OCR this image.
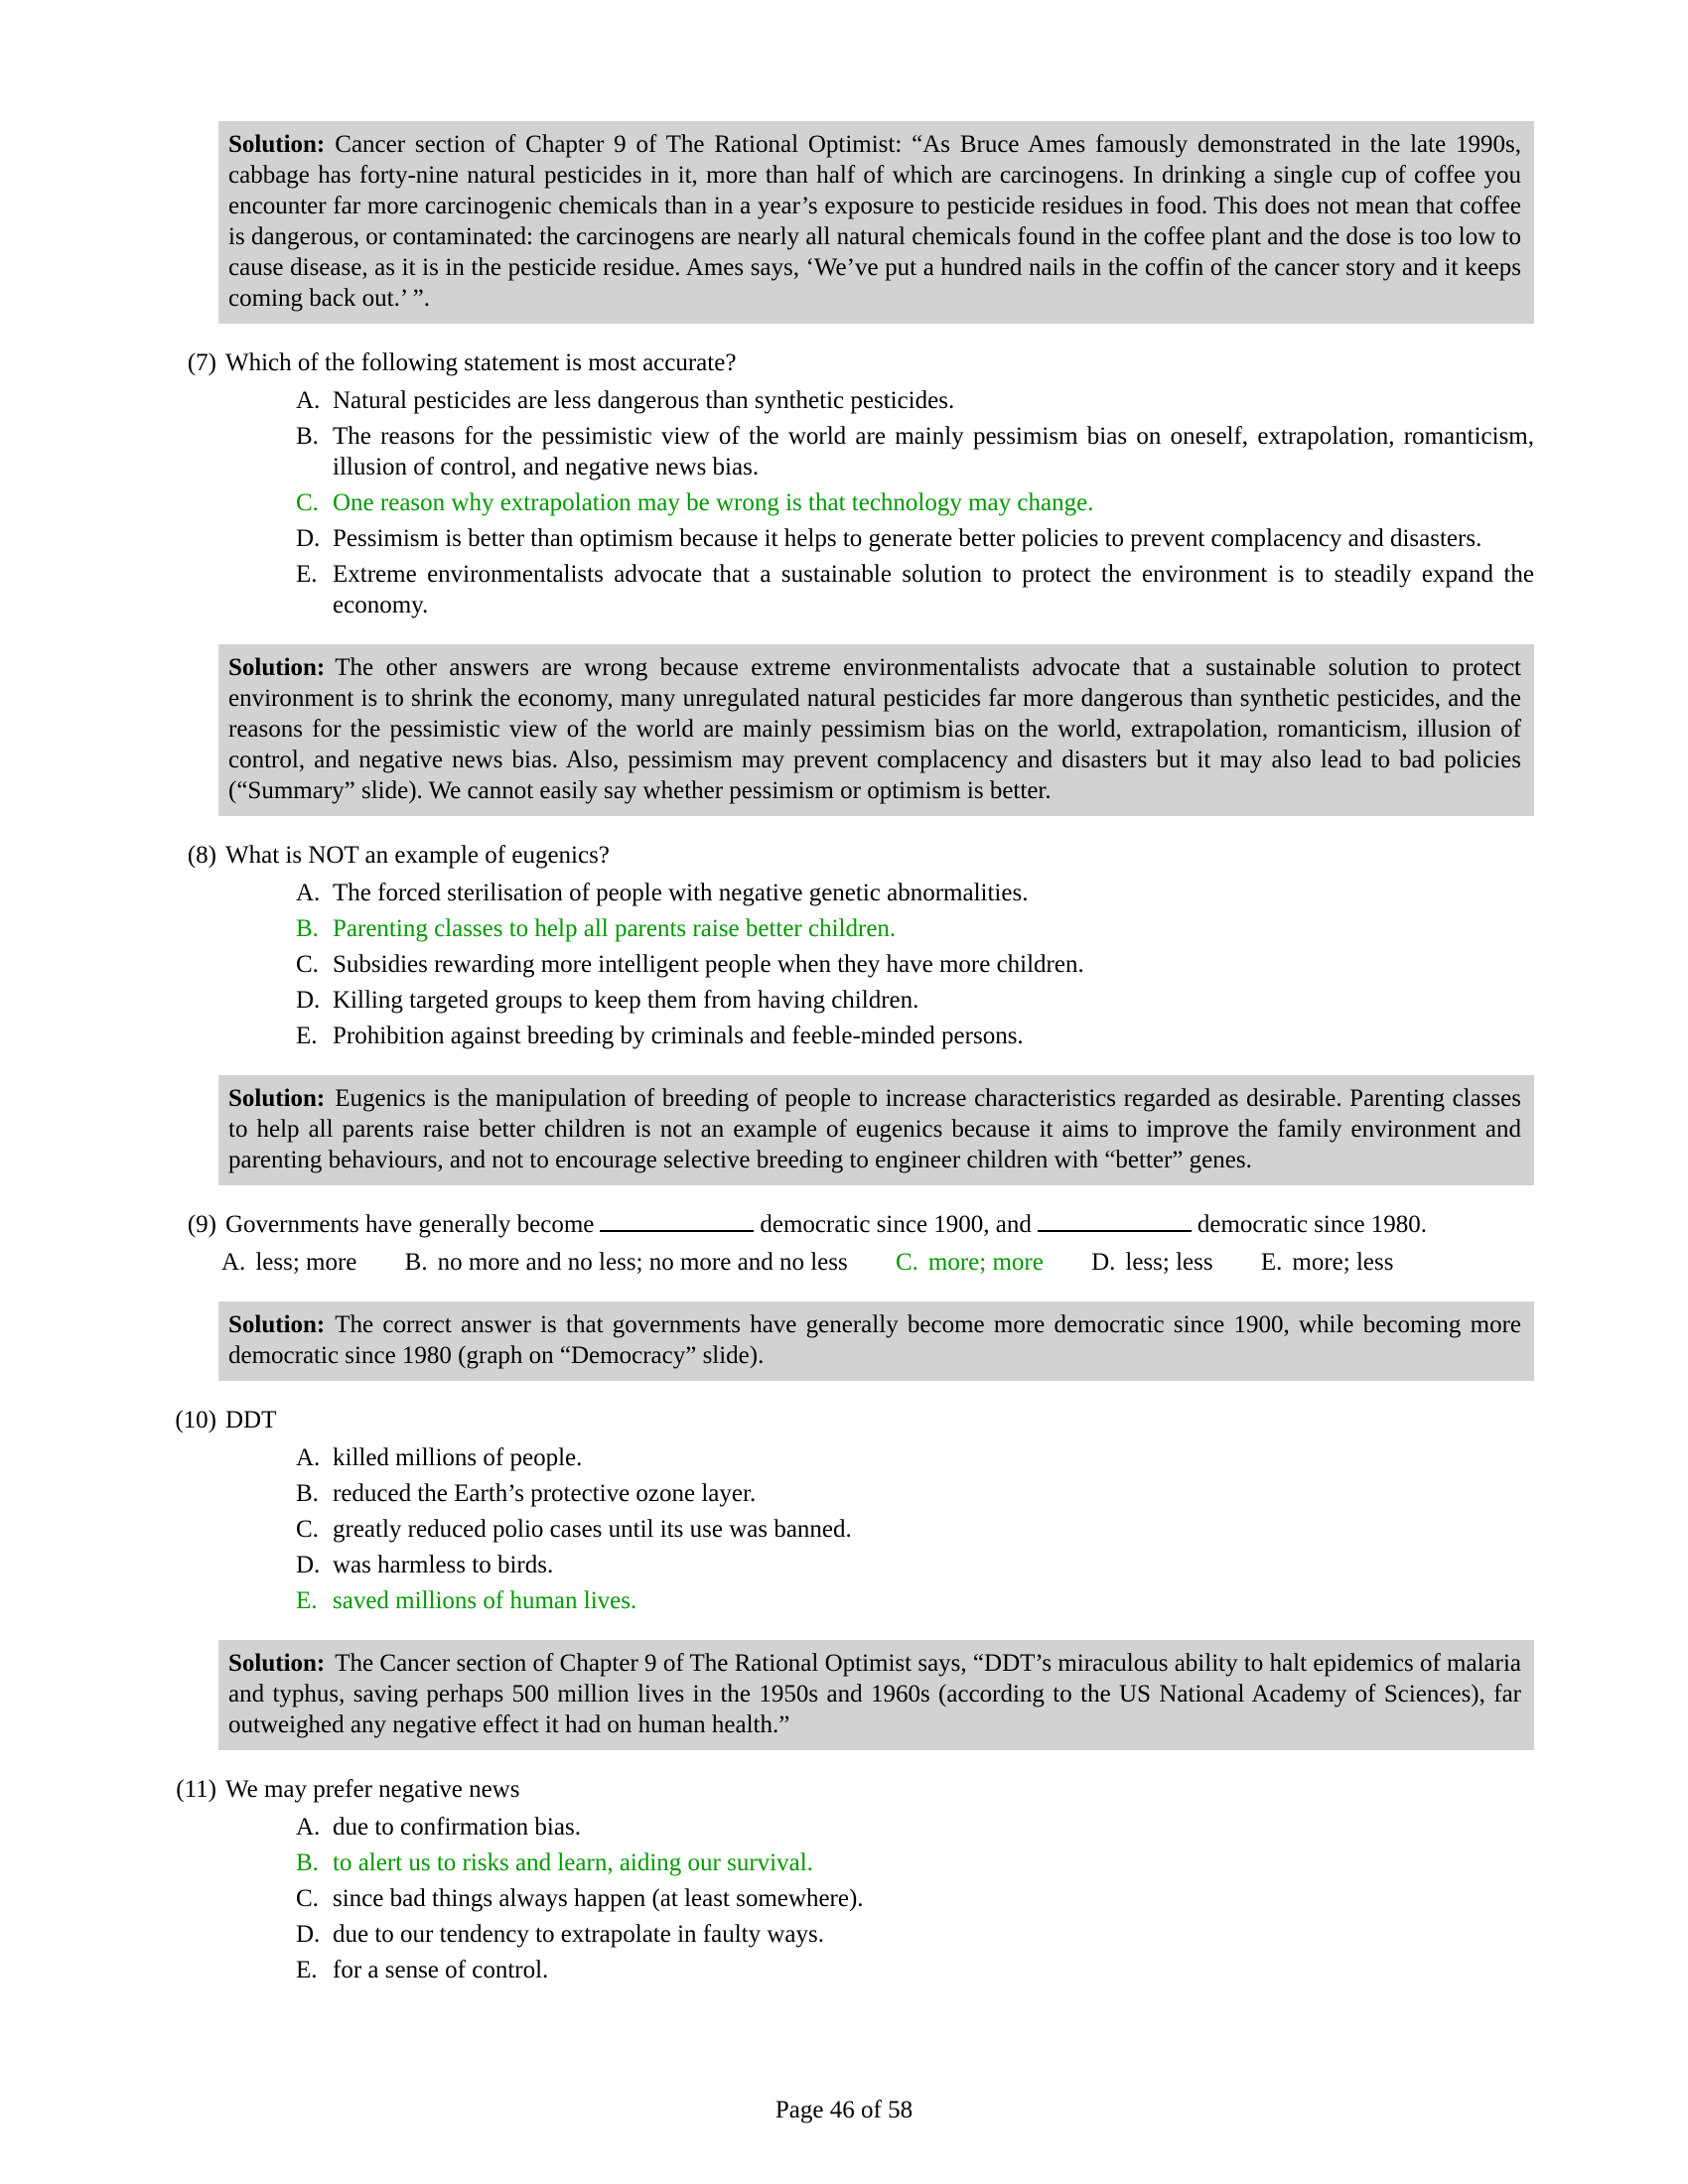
Solution: Cancer section of Chapter 9 of The Rational Optimist: “As Bruce Ames famously demonstrated in the late 1990s, cabbage has forty-nine natural pesticides in it, more than half of which are carcinogens. In drinking a single cup of coffee you encounter far more carcinogenic chemicals than in a year’s exposure to pesticide residues in food. This does not mean that coffee is dangerous, or contaminated: the carcinogens are nearly all natural chemicals found in the coffee plant and the dose is too low to cause disease, as it is in the pesticide residue. Ames says, ‘We’ve put a hundred nails in the coffin of the cancer story and it keeps coming back out.’ ”.
(7) Which of the following statement is most accurate?
A. Natural pesticides are less dangerous than synthetic pesticides.
B. The reasons for the pessimistic view of the world are mainly pessimism bias on oneself, extrapolation, romanticism, illusion of control, and negative news bias.
C. One reason why extrapolation may be wrong is that technology may change.
D. Pessimism is better than optimism because it helps to generate better policies to prevent complacency and disasters.
E. Extreme environmentalists advocate that a sustainable solution to protect the environment is to steadily expand the economy.
Solution: The other answers are wrong because extreme environmentalists advocate that a sustainable solution to protect environment is to shrink the economy, many unregulated natural pesticides far more dangerous than synthetic pesticides, and the reasons for the pessimistic view of the world are mainly pessimism bias on the world, extrapolation, romanticism, illusion of control, and negative news bias. Also, pessimism may prevent complacency and disasters but it may also lead to bad policies (“Summary” slide). We cannot easily say whether pessimism or optimism is better.
(8) What is NOT an example of eugenics?
A. The forced sterilisation of people with negative genetic abnormalities.
B. Parenting classes to help all parents raise better children.
C. Subsidies rewarding more intelligent people when they have more children.
D. Killing targeted groups to keep them from having children.
E. Prohibition against breeding by criminals and feeble-minded persons.
Solution: Eugenics is the manipulation of breeding of people to increase characteristics regarded as desirable. Parenting classes to help all parents raise better children is not an example of eugenics because it aims to improve the family environment and parenting behaviours, and not to encourage selective breeding to engineer children with “better” genes.
(9) Governments have generally become	democratic since 1900, and	democratic since 1980.
A. less; more B. no more and no less; no more and no less C. more; more D. less; less E. more; less
Solution: The correct answer is that governments have generally become more democratic since 1900, while becoming more democratic since 1980 (graph on “Democracy” slide).
(10) DDT
A. killed millions of people.
B. reduced the Earth’s protective ozone layer.
C. greatly reduced polio cases until its use was banned.
D. was harmless to birds.
E. saved millions of human lives.
Solution: The Cancer section of Chapter 9 of The Rational Optimist says, “DDT’s miraculous ability to halt epidemics of malaria and typhus, saving perhaps 500 million lives in the 1950s and 1960s (according to the US National Academy of Sciences), far outweighed any negative effect it had on human health.”
(11) We may prefer negative news
A. due to confirmation bias.
B. to alert us to risks and learn, aiding our survival.
C. since bad things always happen (at least somewhere).
D. due to our tendency to extrapolate in faulty ways.
E. for a sense of control.
Page 46 of 58
